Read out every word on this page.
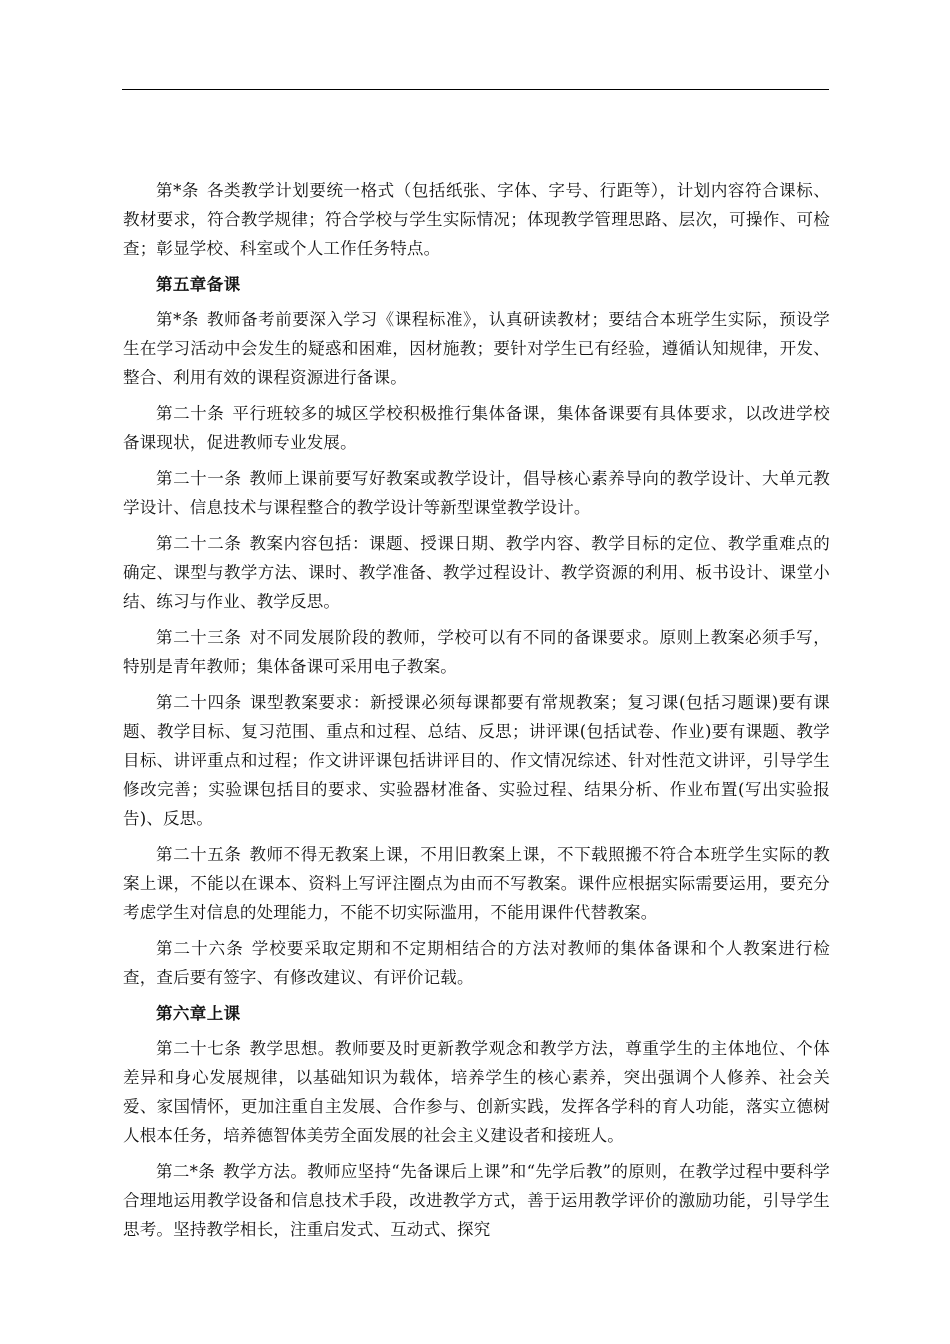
第*条 各类教学计划要统一格式（包括纸张、字体、字号、行距等），计划内容符合课标、教材要求，符合教学规律；符合学校与学生实际情况；体现教学管理思路、层次，可操作、可检查；彰显学校、科室或个人工作任务特点。

第五章备课

第*条 教师备考前要深入学习《课程标准》，认真研读教材；要结合本班学生实际，预设学生在学习活动中会发生的疑惑和困难，因材施教；要针对学生已有经验，遵循认知规律，开发、整合、利用有效的课程资源进行备课。

第二十条 平行班较多的城区学校积极推行集体备课，集体备课要有具体要求，以改进学校备课现状，促进教师专业发展。

第二十一条 教师上课前要写好教案或教学设计，倡导核心素养导向的教学设计、大单元教学设计、信息技术与课程整合的教学设计等新型课堂教学设计。

第二十二条 教案内容包括：课题、授课日期、教学内容、教学目标的定位、教学重难点的确定、课型与教学方法、课时、教学准备、教学过程设计、教学资源的利用、板书设计、课堂小结、练习与作业、教学反思。

第二十三条 对不同发展阶段的教师，学校可以有不同的备课要求。原则上教案必须手写，特别是青年教师；集体备课可采用电子教案。

第二十四条 课型教案要求：新授课必须每课都要有常规教案；复习课(包括习题课)要有课题、教学目标、复习范围、重点和过程、总结、反思；讲评课(包括试卷、作业)要有课题、教学目标、讲评重点和过程；作文讲评课包括讲评目的、作文情况综述、针对性范文讲评，引导学生修改完善；实验课包括目的要求、实验器材准备、实验过程、结果分析、作业布置(写出实验报告)、反思。

第二十五条 教师不得无教案上课，不用旧教案上课，不下载照搬不符合本班学生实际的教案上课，不能以在课本、资料上写评注圈点为由而不写教案。课件应根据实际需要运用，要充分考虑学生对信息的处理能力，不能不切实际滥用，不能用课件代替教案。

第二十六条 学校要采取定期和不定期相结合的方法对教师的集体备课和个人教案进行检查，查后要有签字、有修改建议、有评价记载。

第六章上课

第二十七条 教学思想。教师要及时更新教学观念和教学方法，尊重学生的主体地位、个体差异和身心发展规律，以基础知识为载体，培养学生的核心素养，突出强调个人修养、社会关爱、家国情怀，更加注重自主发展、合作参与、创新实践，发挥各学科的育人功能，落实立德树人根本任务，培养德智体美劳全面发展的社会主义建设者和接班人。

第二*条 教学方法。教师应坚持“先备课后上课”和“先学后教”的原则，在教学过程中要科学合理地运用教学设备和信息技术手段，改进教学方式，善于运用教学评价的激励功能，引导学生思考。坚持教学相长，注重启发式、互动式、探究
